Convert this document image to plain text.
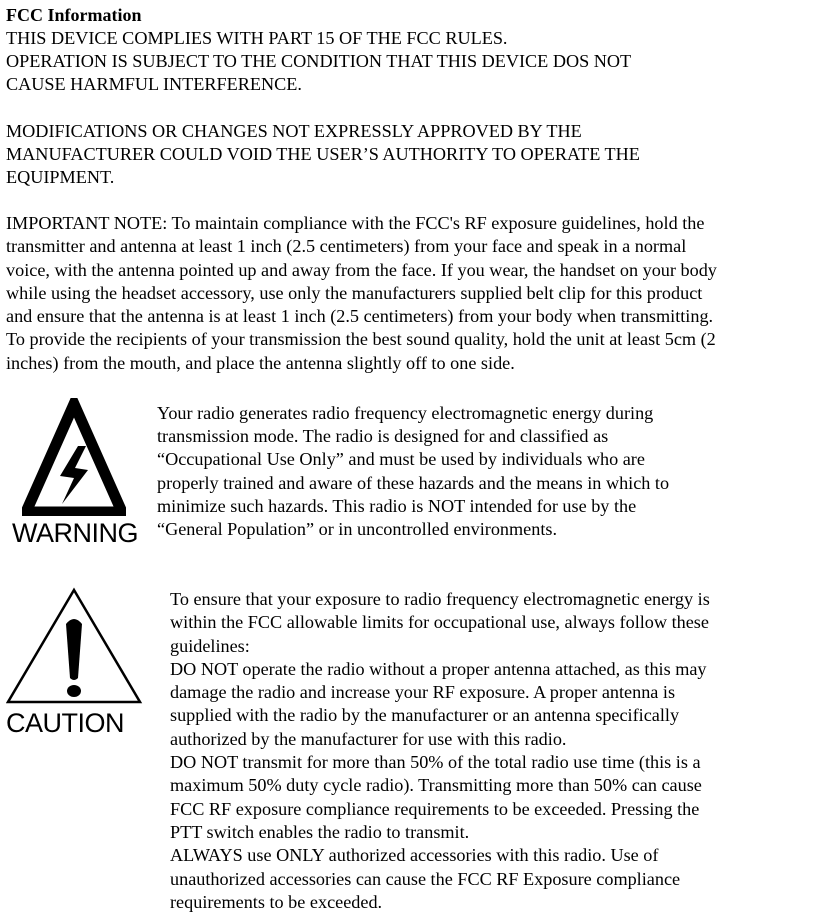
FCC Information

THIS DEVICE COMPLIES WITH PART 15 OF THE FCC RULES.
OPERATION IS SUBJECT TO THE CONDITION THAT THIS DEVICE DOS NOT
CAUSE HARMFUL INTERFERENCE.

MODIFICATIONS OR CHANGES NOT EXPRESSLY APPROVED BY THE
MANUFACTURER COULD VOID THE USER’S AUTHORITY TO OPERATE THE
EQUIPMENT.

IMPORTANT NOTE: To maintain compliance with the FCC's RF exposure guidelines, hold the
transmitter and antenna at least 1 inch (2.5 centimeters) from your face and speak in a normal
voice, with the antenna pointed up and away from the face. If you wear, the handset on your body
while using the headset accessory, use only the manufacturers supplied belt clip for this product
and ensure that the antenna is at least 1 inch (2.5 centimeters) from your body when transmitting.
To provide the recipients of your transmission the best sound quality, hold the unit at least 5cm (2
inches) from the mouth, and place the antenna slightly off to one side.

WARNING

Your radio generates radio frequency electromagnetic energy during
transmission mode. The radio is designed for and classified as
“Occupational Use Only” and must be used by individuals who are
properly trained and aware of these hazards and the means in which to
minimize such hazards. This radio is NOT intended for use by the
“General Population” or in uncontrolled environments.

CAUTION

To ensure that your exposure to radio frequency electromagnetic energy is
within the FCC allowable limits for occupational use, always follow these
guidelines:
DO NOT operate the radio without a proper antenna attached, as this may
damage the radio and increase your RF exposure. A proper antenna is
supplied with the radio by the manufacturer or an antenna specifically
authorized by the manufacturer for use with this radio.
DO NOT transmit for more than 50% of the total radio use time (this is a
maximum 50% duty cycle radio). Transmitting more than 50% can cause
FCC RF exposure compliance requirements to be exceeded. Pressing the
PTT switch enables the radio to transmit.
ALWAYS use ONLY authorized accessories with this radio. Use of
unauthorized accessories can cause the FCC RF Exposure compliance
requirements to be exceeded.
